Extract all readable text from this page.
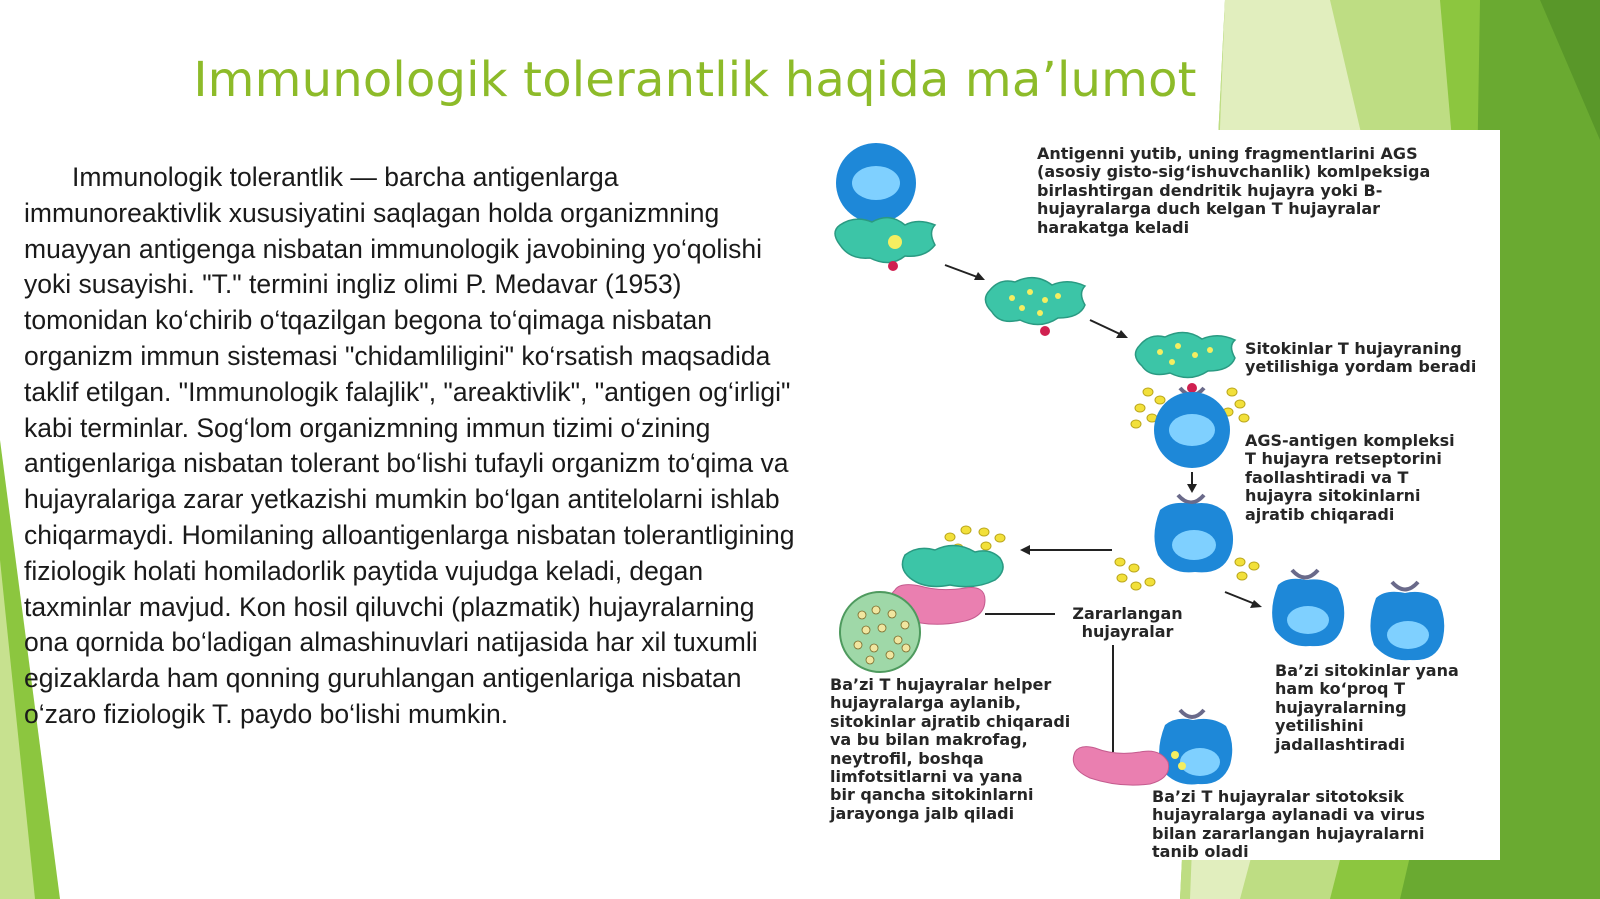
Immunologik tolerantlik haqida ma’lumot
Immunologik tolerantlik — barcha antigenlarga immunoreaktivlik xususiyatini saqlagan holda organizmning muayyan antigenga nisbatan immunologik javobining yo‘qolishi yoki susayishi. "T." termini ingliz olimi P. Medavar (1953) tomonidan ko‘chirib o‘tqazilgan begona to‘qimaga nisbatan organizm immun sistemasi "chidamliligini" ko‘rsatish maqsadida taklif etilgan. "Immunologik falajlik", "areaktivlik", "antigen og‘irligi" kabi terminlar. Sog‘lom organizmning immun tizimi o‘zining antigenlariga nisbatan tolerant bo‘lishi tufayli organizm to‘qima va hujayralariga zarar yetkazishi mumkin bo‘lgan antitelolarni ishlab chiqarmaydi. Homilaning alloantigenlarga nisbatan tolerantligining fiziologik holati homiladorlik paytida vujudga keladi, degan taxminlar mavjud. Kon hosil qiluvchi (plazmatik) hujayralarning ona qornida bo‘ladigan almashinuvlari natijasida har xil tuxumli egizaklarda ham qonning guruhlangan antigenlariga nisbatan o‘zaro fiziologik T. paydo bo‘lishi mumkin.
Antigenni yutib, uning fragmentlarini AGS
(asosiy gisto-sig‘ishuvchanlik) komlpeksiga
birlashtirgan dendritik hujayra yoki B-
hujayralarga duch kelgan T hujayralar
harakatga keladi
Sitokinlar T hujayraning
yetilishiga yordam beradi
AGS-antigen kompleksi
T hujayra retseptorini
faollashtiradi va T
hujayra sitokinlarni
ajratib chiqaradi
Zararlangan
hujayralar
Ba’zi sitokinlar yana
ham ko‘proq T
hujayralarning
yetilishini
jadallashtiradi
Ba’zi T hujayralar helper
hujayralarga aylanib,
sitokinlar ajratib chiqaradi
va bu bilan makrofag,
neytrofil, boshqa
limfotsitlarni va yana
bir qancha sitokinlarni
jarayonga jalb qiladi
Ba’zi T hujayralar sitotoksik
hujayralarga aylanadi va virus
bilan zararlangan hujayralarni
tanib oladi
